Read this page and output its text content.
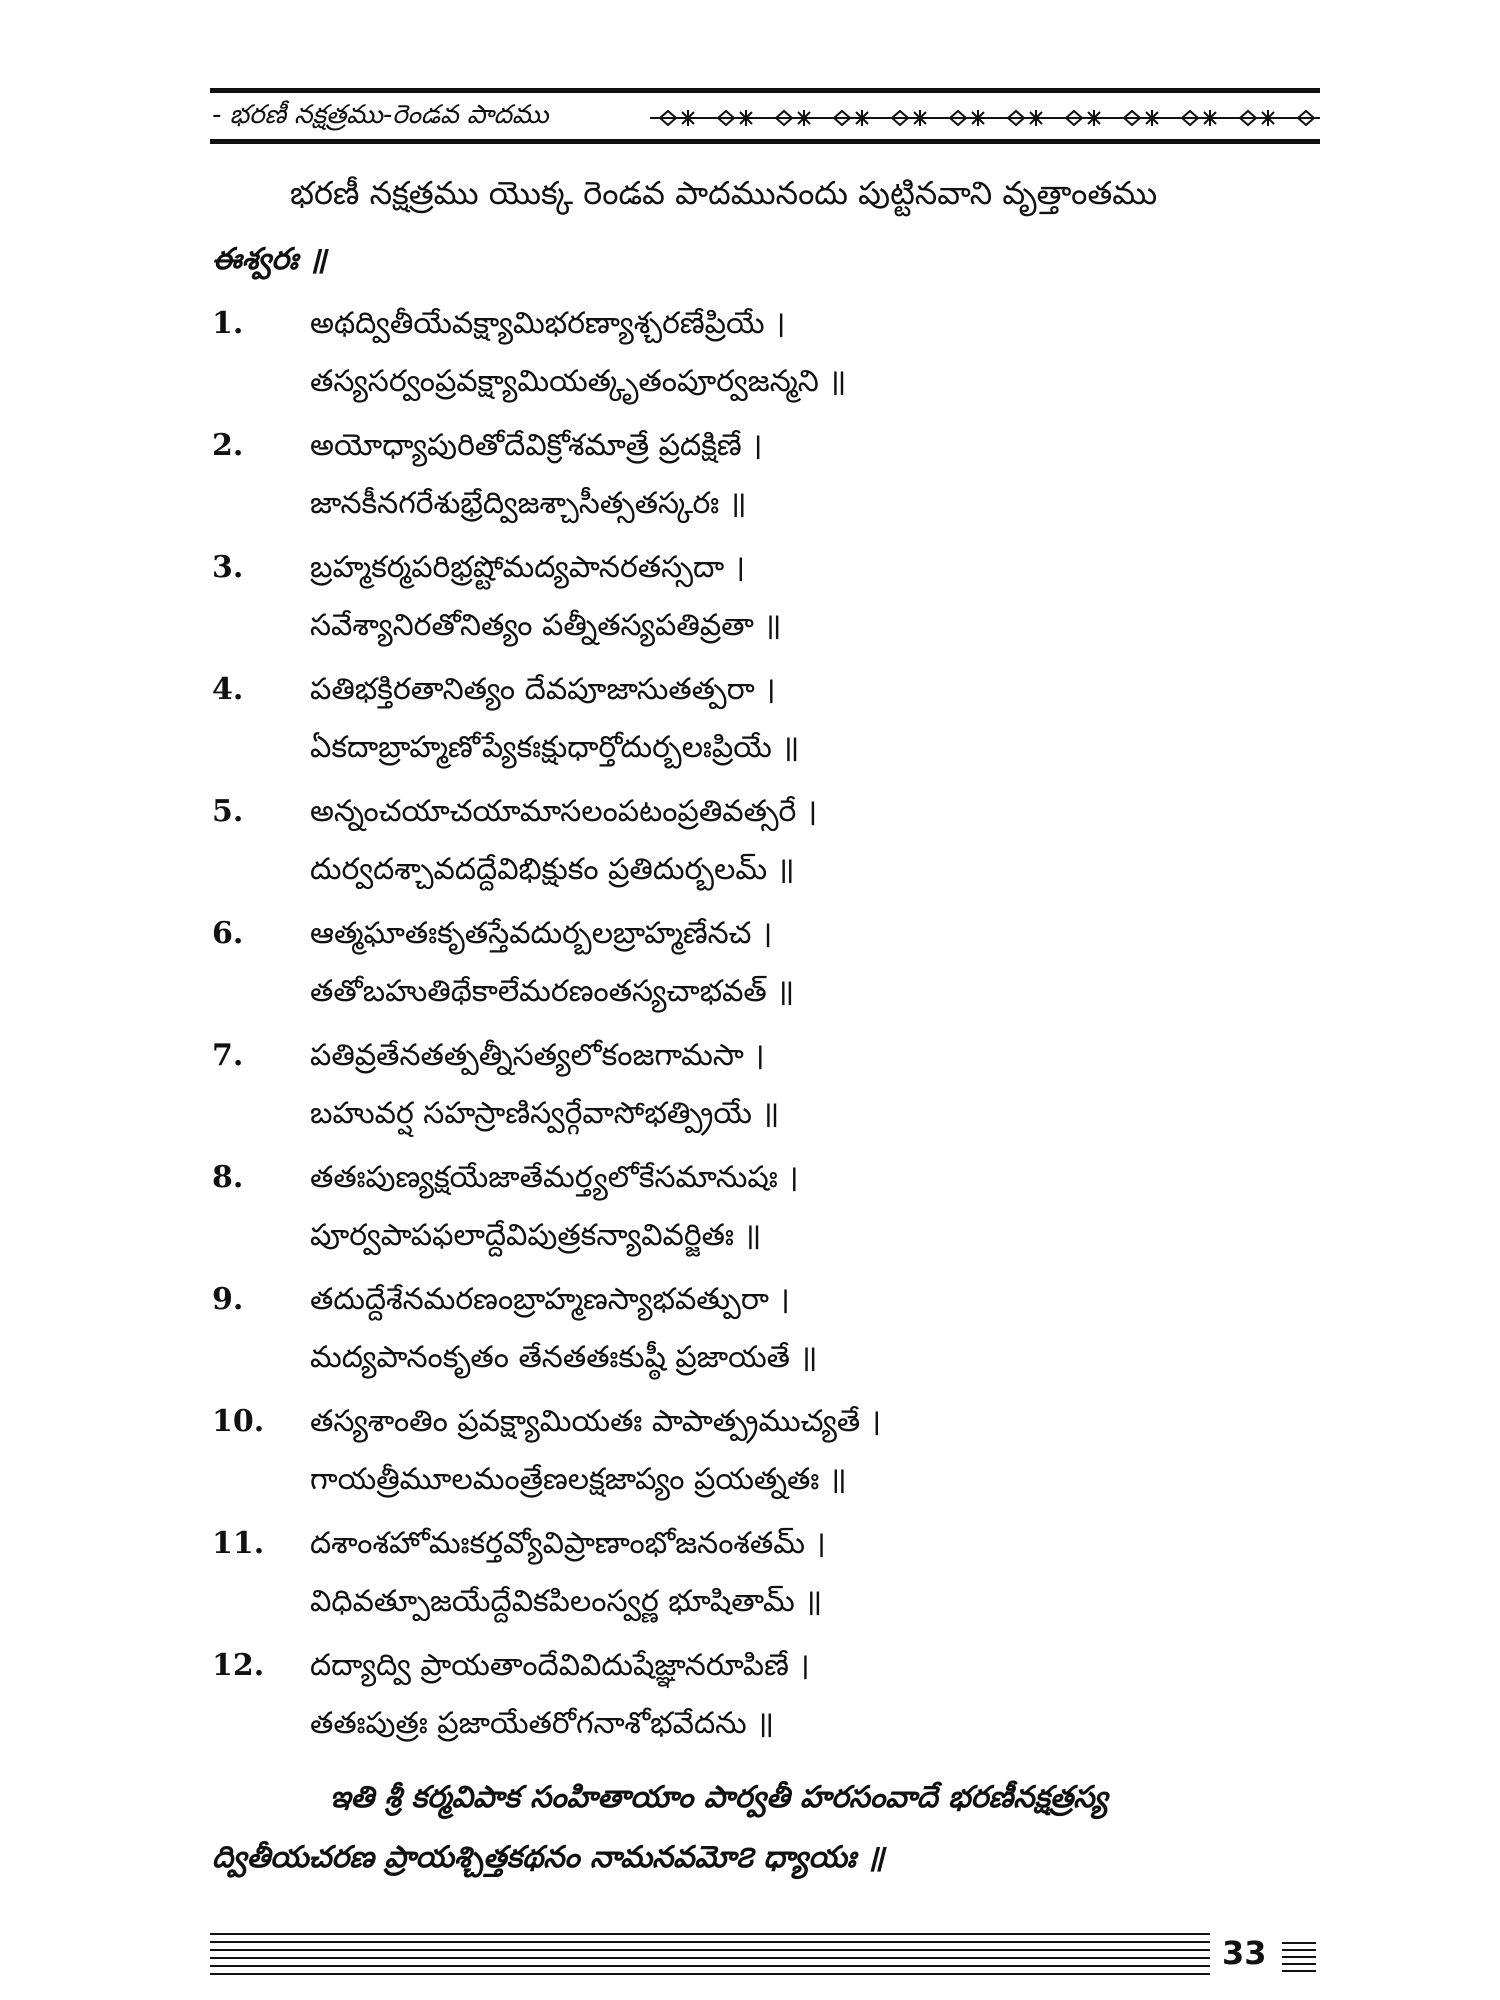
- భరణీ నక్షత్రము-రెండవ పాదము
భరణీ నక్షత్రము యొక్క రెండవ పాదమునందు పుట్టినవాని వృత్తాంతము
ఈశ్వరః ॥
1. అథద్వితీయేవక్ష్యామిభరణ్యాశ్చరణేప్రియే ।
తస్యసర్వంప్రవక్ష్యామియత్కృతంపూర్వజన్మని ॥
2. అయోధ్యాపురితోదేవిక్రోశమాత్రే ప్రదక్షిణే ।
జానకీనగరేశుభ్రేద్విజశ్చాసీత్సతస్కరః ॥
3. బ్రహ్మకర్మపరిభ్రష్టోమద్యపానరతస్సదా ।
సవేశ్యానిరతోనిత్యం పత్నీతస్యపతివ్రతా ॥
4. పతిభక్తిరతానిత్యం దేవపూజాసుతత్పరా ।
ఏకదాబ్రాహ్మణోప్యేకఃక్షుధార్తోదుర్బలఃప్రియే ॥
5. అన్నంచయాచయామాసలంపటంప్రతివత్సరే ।
దుర్వదశ్చావదద్దేవిభిక్షుకం ప్రతిదుర్బలమ్ ॥
6. ఆత్మఘాతఃకృతస్తేవదుర్బలబ్రాహ్మణేనచ ।
తతోబహుతిథేకాలేమరణంతస్యచాభవత్ ॥
7. పతివ్రతేనతత్పత్నీసత్యలోకంజగామసా ।
బహువర్ష సహస్రాణిస్వర్గేవాసోభత్ప్రియే ॥
8. తతఃపుణ్యక్షయేజాతేమర్త్యలోకేసమానుషః ।
పూర్వపాపఫలాద్దేవిపుత్రకన్యావివర్జితః ॥
9. తదుద్దేశేనమరణంబ్రాహ్మణస్యాభవత్పురా ।
మద్యపానంకృతం తేనతతఃకుష్ఠీ ప్రజాయతే ॥
10. తస్యశాంతిం ప్రవక్ష్యామియతః పాపాత్ప్రముచ్యతే ।
గాయత్రీమూలమంత్రేణలక్షజాప్యం ప్రయత్నతః ॥
11. దశాంశహోమఃకర్తవ్యోవిప్రాణాంభోజనంశతమ్ ।
విధివత్పూజయేద్దేవికపిలంస్వర్ణ భూషితామ్ ॥
12. దద్యాద్వి ప్రాయతాందేవివిదుషేజ్ఞానరూపిణే ।
తతఃపుత్రః ప్రజాయేతరోగనాశోభవేదను ॥
ఇతి శ్రీ కర్మవిపాక సంహితాయాం పార్వతీ హరసంవాదే భరణీనక్షత్రస్య
ద్వితీయచరణ ప్రాయశ్చిత్తకథనం నామనవమో౭ ధ్యాయః ॥
33
